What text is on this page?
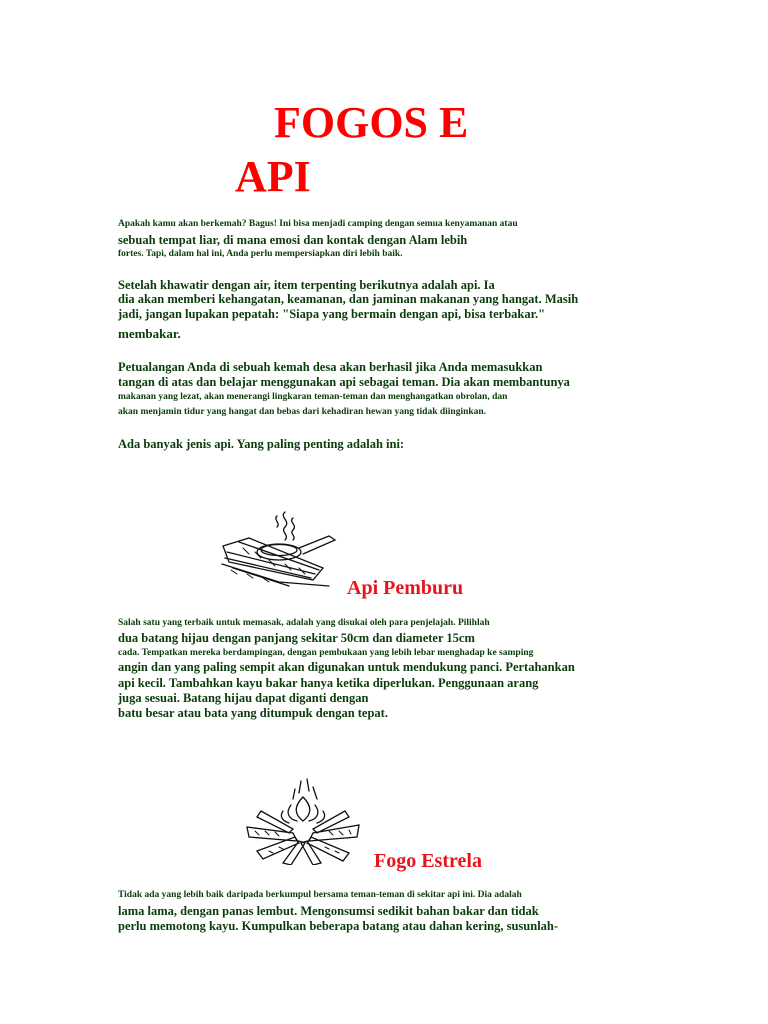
FOGOS E
API

Apakah kamu akan berkemah? Bagus! Ini bisa menjadi camping dengan semua kenyamanan atau

sebuah tempat liar, di mana emosi dan kontak dengan Alam lebih

fortes. Tapi, dalam hal ini, Anda perlu mempersiapkan diri lebih baik.

Setelah khawatir dengan air, item terpenting berikutnya adalah api. Ia

dia akan memberi kehangatan, keamanan, dan jaminan makanan yang hangat. Masih

jadi, jangan lupakan pepatah: "Siapa yang bermain dengan api, bisa terbakar."

membakar.

Petualangan Anda di sebuah kemah desa akan berhasil jika Anda memasukkan

tangan di atas dan belajar menggunakan api sebagai teman. Dia akan membantunya

makanan yang lezat, akan menerangi lingkaran teman-teman dan menghangatkan obrolan, dan

akan menjamin tidur yang hangat dan bebas dari kehadiran hewan yang tidak diinginkan.

Ada banyak jenis api. Yang paling penting adalah ini:

Api Pemburu

Salah satu yang terbaik untuk memasak, adalah yang disukai oleh para penjelajah. Pilihlah

dua batang hijau dengan panjang sekitar 50cm dan diameter 15cm

cada. Tempatkan mereka berdampingan, dengan pembukaan yang lebih lebar menghadap ke samping

angin dan yang paling sempit akan digunakan untuk mendukung panci. Pertahankan

api kecil. Tambahkan kayu bakar hanya ketika diperlukan. Penggunaan arang

juga sesuai. Batang hijau dapat diganti dengan

batu besar atau bata yang ditumpuk dengan tepat.

Fogo Estrela

Tidak ada yang lebih baik daripada berkumpul bersama teman-teman di sekitar api ini. Dia adalah

lama lama, dengan panas lembut. Mengonsumsi sedikit bahan bakar dan tidak

perlu memotong kayu. Kumpulkan beberapa batang atau dahan kering, susunlah-
